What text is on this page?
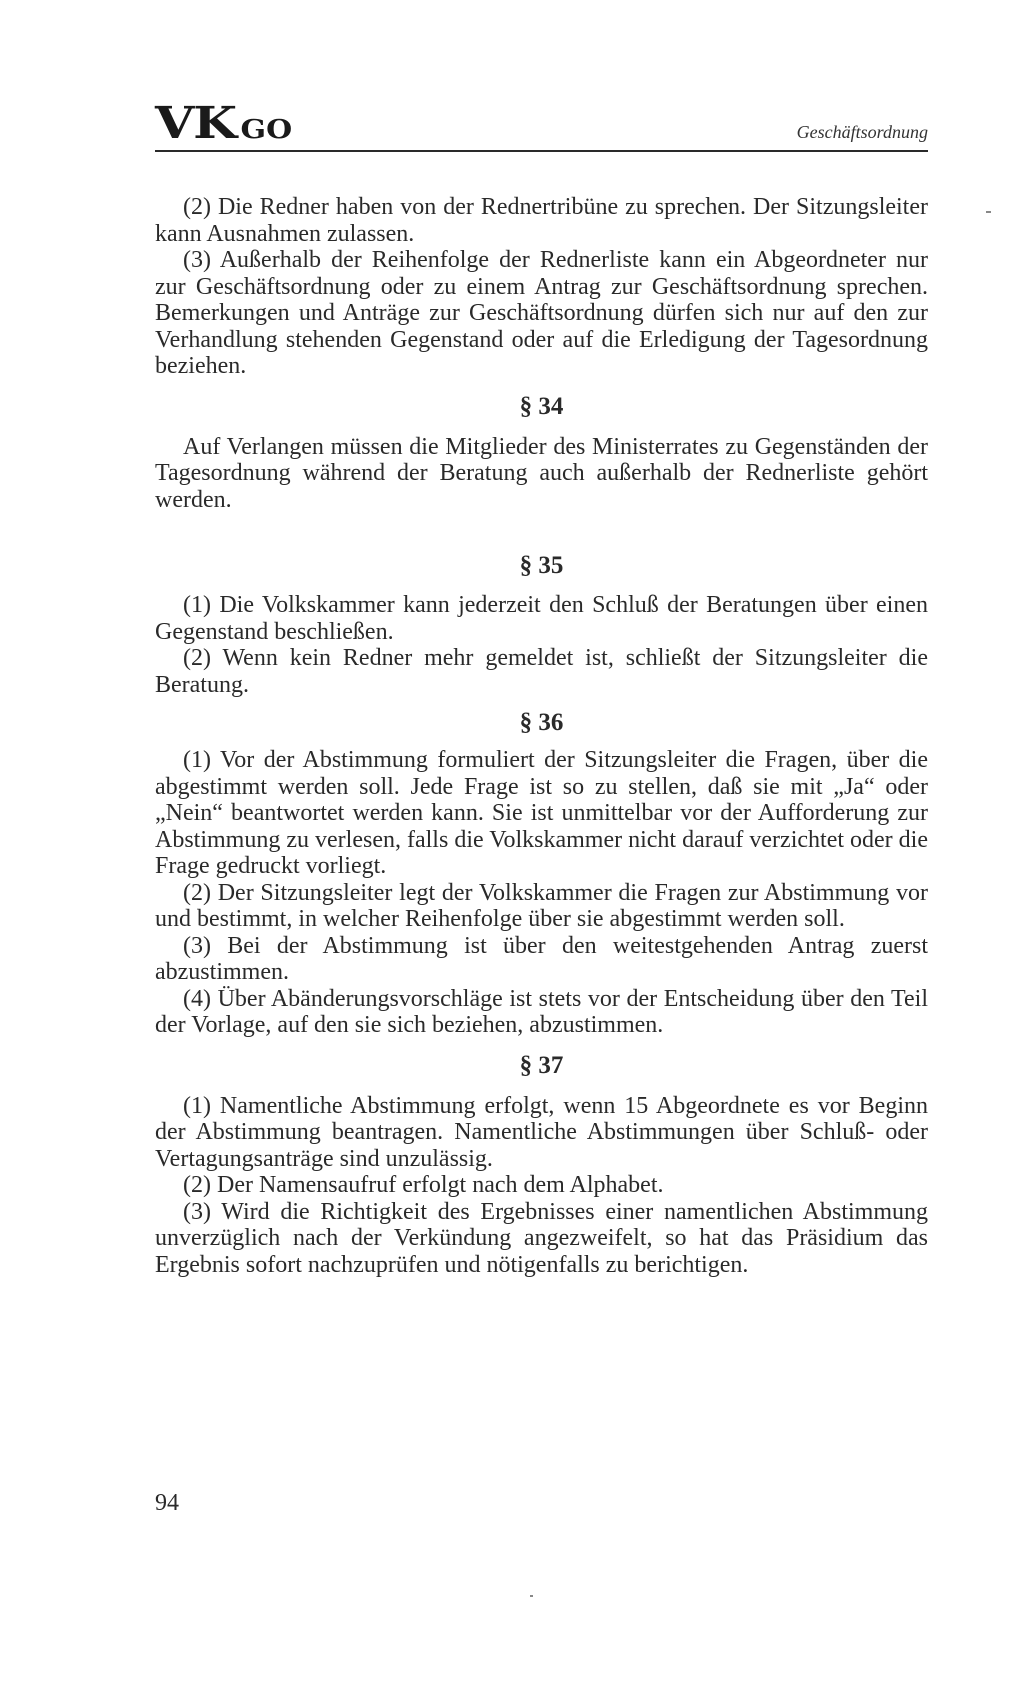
VK GO	Geschäftsordnung

(2) Die Redner haben von der Rednertribüne zu sprechen. Der Sitzungsleiter kann Ausnahmen zulassen.

(3) Außerhalb der Reihenfolge der Rednerliste kann ein Abgeordneter nur zur Geschäftsordnung oder zu einem Antrag zur Geschäftsordnung sprechen. Bemerkungen und Anträge zur Geschäftsordnung dürfen sich nur auf den zur Verhandlung stehenden Gegenstand oder auf die Erledigung der Tagesordnung beziehen.

§ 34

Auf Verlangen müssen die Mitglieder des Ministerrates zu Gegenständen der Tagesordnung während der Beratung auch außerhalb der Rednerliste gehört werden.

§ 35

(1) Die Volkskammer kann jederzeit den Schluß der Beratungen über einen Gegenstand beschließen.

(2) Wenn kein Redner mehr gemeldet ist, schließt der Sitzungsleiter die Beratung.

§ 36

(1) Vor der Abstimmung formuliert der Sitzungsleiter die Fragen, über die abgestimmt werden soll. Jede Frage ist so zu stellen, daß sie mit „Ja“ oder „Nein“ beantwortet werden kann. Sie ist unmittelbar vor der Aufforderung zur Abstimmung zu verlesen, falls die Volkskammer nicht darauf verzichtet oder die Frage gedruckt vorliegt.

(2) Der Sitzungsleiter legt der Volkskammer die Fragen zur Abstimmung vor und bestimmt, in welcher Reihenfolge über sie abgestimmt werden soll.

(3) Bei der Abstimmung ist über den weitestgehenden Antrag zuerst abzustimmen.

(4) Über Abänderungsvorschläge ist stets vor der Entscheidung über den Teil der Vorlage, auf den sie sich beziehen, abzustimmen.

§ 37

(1) Namentliche Abstimmung erfolgt, wenn 15 Abgeordnete es vor Beginn der Abstimmung beantragen. Namentliche Abstimmungen über Schluß- oder Vertagungsanträge sind unzulässig.

(2) Der Namensaufruf erfolgt nach dem Alphabet.

(3) Wird die Richtigkeit des Ergebnisses einer namentlichen Abstimmung unverzüglich nach der Verkündung angezweifelt, so hat das Präsidium das Ergebnis sofort nachzuprüfen und nötigenfalls zu berichtigen.

94
